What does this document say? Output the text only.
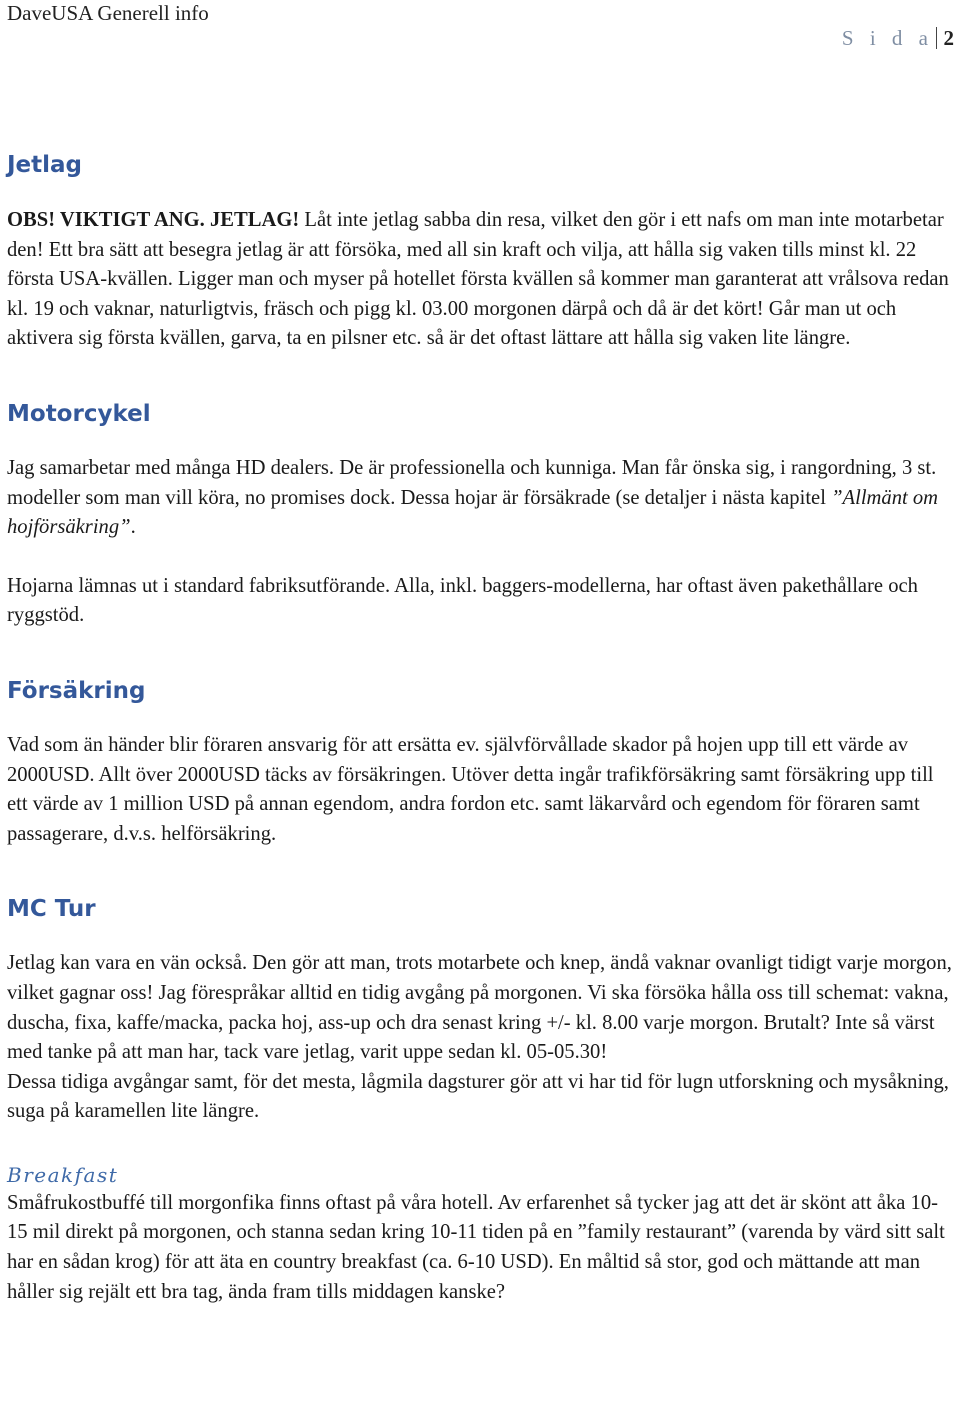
DaveUSA Generell info
S i d a 2
Jetlag

OBS! VIKTIGT ANG. JETLAG! Låt inte jetlag sabba din resa, vilket den gör i ett nafs om man inte motarbetar den! Ett bra sätt att besegra jetlag är att försöka, med all sin kraft och vilja, att hålla sig vaken tills minst kl. 22 första USA-kvällen. Ligger man och myser på hotellet första kvällen så kommer man garanterat att vrålsova redan kl. 19 och vaknar, naturligtvis, fräsch och pigg kl. 03.00 morgonen därpå och då är det kört! Går man ut och aktivera sig första kvällen, garva, ta en pilsner etc. så är det oftast lättare att hålla sig vaken lite längre.

Motorcykel

Jag samarbetar med många HD dealers. De är professionella och kunniga. Man får önska sig, i rangordning, 3 st. modeller som man vill köra, no promises dock. Dessa hojar är försäkrade (se detaljer i nästa kapitel ”Allmänt om hojförsäkring”.

Hojarna lämnas ut i standard fabriksutförande. Alla, inkl. baggers-modellerna, har oftast även pakethållare och ryggstöd.

Försäkring

Vad som än händer blir föraren ansvarig för att ersätta ev. självförvållade skador på hojen upp till ett värde av 2000USD. Allt över 2000USD täcks av försäkringen. Utöver detta ingår trafikförsäkring samt försäkring upp till ett värde av 1 million USD på annan egendom, andra fordon etc. samt läkarvård och egendom för föraren samt passagerare, d.v.s. helförsäkring.

MC Tur

Jetlag kan vara en vän också. Den gör att man, trots motarbete och knep, ändå vaknar ovanligt tidigt varje morgon, vilket gagnar oss! Jag förespråkar alltid en tidig avgång på morgonen. Vi ska försöka hålla oss till schemat: vakna, duscha, fixa, kaffe/macka, packa hoj, ass-up och dra senast kring +/- kl. 8.00 varje morgon. Brutalt? Inte så värst med tanke på att man har, tack vare jetlag, varit uppe sedan kl. 05-05.30!

Dessa tidiga avgångar samt, för det mesta, lågmila dagsturer gör att vi har tid för lugn utforskning och mysåkning, suga på karamellen lite längre.

Breakfast

Småfrukostbuffé till morgonfika finns oftast på våra hotell. Av erfarenhet så tycker jag att det är skönt att åka 10-15 mil direkt på morgonen, och stanna sedan kring 10-11 tiden på en ”family restaurant” (varenda by värd sitt salt har en sådan krog) för att äta en country breakfast (ca. 6-10 USD). En måltid så stor, god och mättande att man håller sig rejält ett bra tag, ända fram tills middagen kanske?
